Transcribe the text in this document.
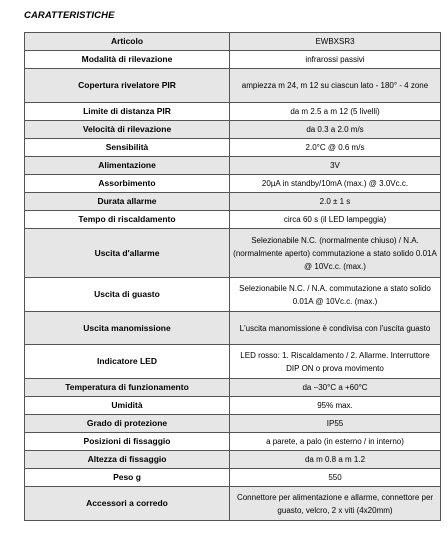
CARATTERISTICHE
Articolo	EWBXSR3
Modalità di rilevazione	infrarossi passivi
Copertura rivelatore PIR	ampiezza m 24, m 12 su ciascun lato - 180° - 4 zone
Limite di distanza PIR	da m 2.5 a m 12 (5 livelli)
Velocità di rilevazione	da 0.3 a 2.0 m/s
Sensibilità	2.0°C @ 0.6 m/s
Alimentazione	3V
Assorbimento	20µA in standby/10mA (max.) @ 3.0Vc.c.
Durata allarme	2.0 ± 1 s
Tempo di riscaldamento	circa 60 s (il LED lampeggia)
Uscita d'allarme	Selezionabile N.C. (normalmente chiuso) / N.A. (normalmente aperto) commutazione a stato solido 0.01A @ 10Vc.c. (max.)
Uscita di guasto	Selezionabile N.C. / N.A. commutazione a stato solido 0.01A @ 10Vc.c. (max.)
Uscita manomissione	L'uscita manomissione è condivisa con l'uscita guasto
Indicatore LED	LED rosso: 1. Riscaldamento / 2. Allarme. Interruttore DIP ON o prova movimento
Temperatura di funzionamento	da −30°C a +60°C
Umidità	95% max.
Grado di protezione	IP55
Posizioni di fissaggio	a parete, a palo (in esterno / in interno)
Altezza di fissaggio	da m 0.8 a m 1.2
Peso g	550
Accessori a corredo	Connettore per alimentazione e allarme, connettore per guasto, velcro, 2 x viti (4x20mm)
